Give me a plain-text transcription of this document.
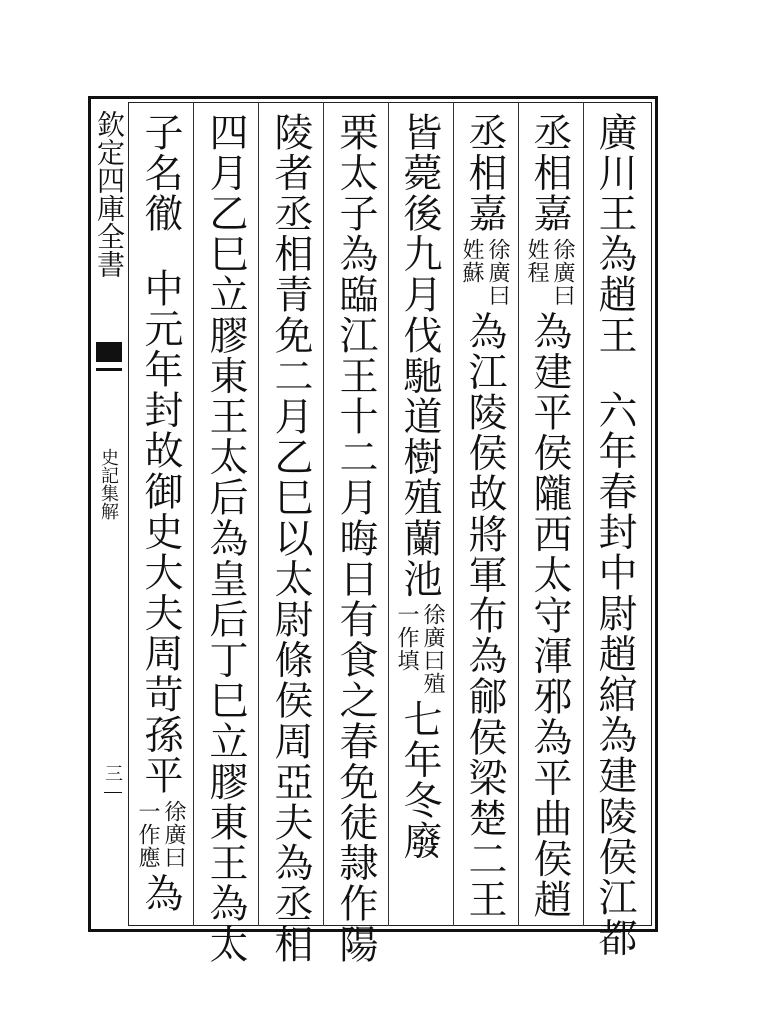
欽定四庫全書
史記集解
三
廣川王為趙王
六年春封中尉趙綰為建陵侯江都
丞相嘉
徐廣曰
姓程
為建平侯隴西太守渾邪為平曲侯趙
丞相嘉
徐廣曰
姓蘇
為江陵侯故將軍布為鄃侯梁楚二王
皆薨後九月伐馳道樹殖蘭池
徐廣曰殖
一作填
七年冬廢
栗太子為臨江王十二月晦日有食之春免徒隷作陽
陵者丞相青免二月乙巳以太尉條侯周亞夫為丞相
四月乙巳立膠東王太后為皇后丁巳立膠東王為太
子名徹
中元年封故御史大夫周苛孫平
徐廣曰
一作應
為
